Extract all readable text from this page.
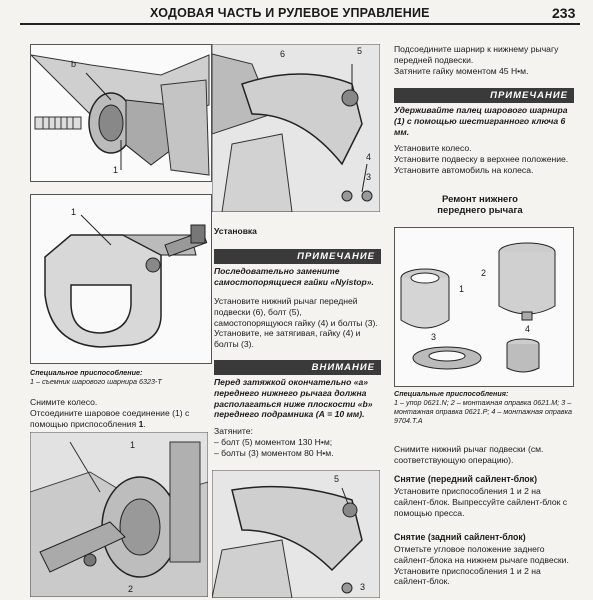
ХОДОВАЯ ЧАСТЬ И РУЛЕВОЕ УПРАВЛЕНИЕ	233
b
1
1
Специальное приспособление:
1 – съемник шарового шарнира 6323-Т

Снимите колесо.

Отсоедините шаровое соединение (1) с помощью приспособления 1.

1
2
6	5
4
3
Установка
ПРИМЕЧАНИЕ
Последовательно замените самостопорящиеся гайки «Nyistop».

Установите нижний рычаг передней подвески (6), болт (5), самостопорящуюся гайку (4) и болты (3).

Установите, не затягивая, гайку (4) и болты (3).

ВНИМАНИЕ
Перед затяжкой окончательно «а» переднего нижнего рычага должна располагаться ниже плоскости «b» переднего подрамника (А = 10 мм).

Затяните:

– болт (5) моментом 130 Н•м;

– болты (3) моментом 80 Н•м.

5
3

Подсоедините шарнир к нижнему рычагу передней подвески.

Затяните гайку моментом 45 Н•м.

ПРИМЕЧАНИЕ
Удерживайте палец шарового шарнира (1) с помощью шестигранного ключа 6 мм.

Установите колесо.

Установите подвеску в верхнее положение.

Установите автомобиль на колеса.

Ремонт нижнего переднего рычага
2
1
3
4
Специальные приспособления:
1 – упор 0621.N; 2 – монтажная оправка 0621.M; 3 – монтажная оправка 0621.P; 4 – монтажная оправка 9704.T.A
Снимите нижний рычаг подвески (см. соответствующую операцию).
Снятие (передний сайлент-блок)
Установите приспособления 1 и 2 на сайлент-блок. Выпрессуйте сайлент-блок с помощью пресса.
Снятие (задний сайлент-блок)
Отметьте угловое положение заднего сайлент-блока на нижнем рычаге подвески. Установите приспособления 1 и 2 на сайлент-блок.
